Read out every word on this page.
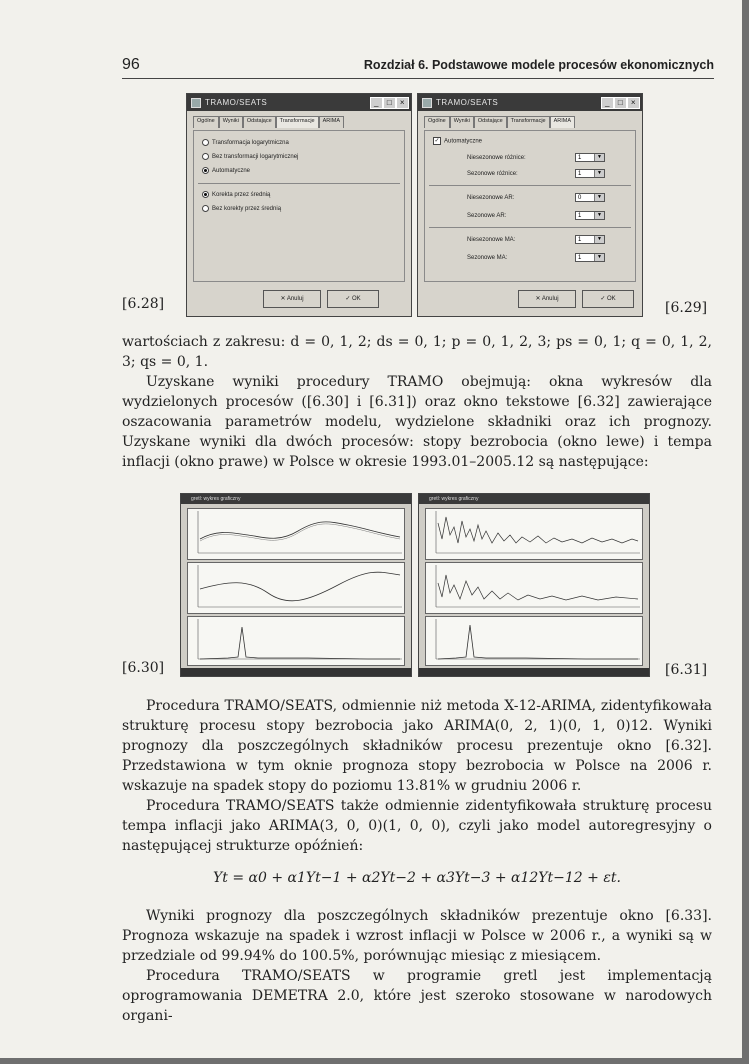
96	Rozdział 6. Podstawowe modele procesów ekonomicznych
TRAMO/SEATS	_ □ ×
Ogólne	Wyniki	Odstające	Transformacje	ARIMA
Transformacja logarytmiczna
Bez transformacji logarytmicznej
Automatyczne
Korekta przez średnią
Bez korekty przez średnią
✕ Anuluj	✓ OK
TRAMO/SEATS	_ □ ×
Ogólne	Wyniki	Odstające	Transformacje	ARIMA
✓ Automatyczne
Niesezonowe różnice:	1	▼
Sezonowe różnice:	1	▼
Niesezonowe AR:	0	▼
Sezonowe AR:	1	▼
Niesezonowe MA:	1	▼
Sezonowe MA:	1	▼
✕ Anuluj	✓ OK
[6.28]	[6.29]

wartościach z zakresu: d = 0, 1, 2; ds = 0, 1; p = 0, 1, 2, 3; ps = 0, 1; q = 0, 1, 2, 3; qs = 0, 1.

Uzyskane wyniki procedury TRAMO obejmują: okna wykresów dla wydzielonych procesów ([6.30] i [6.31]) oraz okno tekstowe [6.32] zawierające oszacowania parametrów modelu, wydzielone składniki oraz ich prognozy. Uzyskane wyniki dla dwóch procesów: stopy bezrobocia (okno lewe) i tempa inflacji (okno prawe) w Polsce w okresie 1993.01–2005.12 są następujące:

gretl: wykres graficzny	gretl: wykres graficzny
[6.30]	[6.31]

Procedura TRAMO/SEATS, odmiennie niż metoda X-12-ARIMA, zidentyfikowała strukturę procesu stopy bezrobocia jako ARIMA(0, 2, 1)(0, 1, 0)12. Wyniki prognozy dla poszczególnych składników procesu prezentuje okno [6.32]. Przedstawiona w tym oknie prognoza stopy bezrobocia w Polsce na 2006 r. wskazuje na spadek stopy do poziomu 13.81% w grudniu 2006 r.

Procedura TRAMO/SEATS także odmiennie zidentyfikowała strukturę procesu tempa inflacji jako ARIMA(3, 0, 0)(1, 0, 0), czyli jako model autoregresyjny o następującej strukturze opóźnień:

Yt = α0 + α1Yt−1 + α2Yt−2 + α3Yt−3 + α12Yt−12 + εt.

Wyniki prognozy dla poszczególnych składników prezentuje okno [6.33]. Prognoza wskazuje na spadek i wzrost inflacji w Polsce w 2006 r., a wyniki są w przedziale od 99.94% do 100.5%, porównując miesiąc z miesiącem.

Procedura TRAMO/SEATS w programie gretl jest implementacją oprogramowania DEMETRA 2.0, które jest szeroko stosowane w narodowych organi-
